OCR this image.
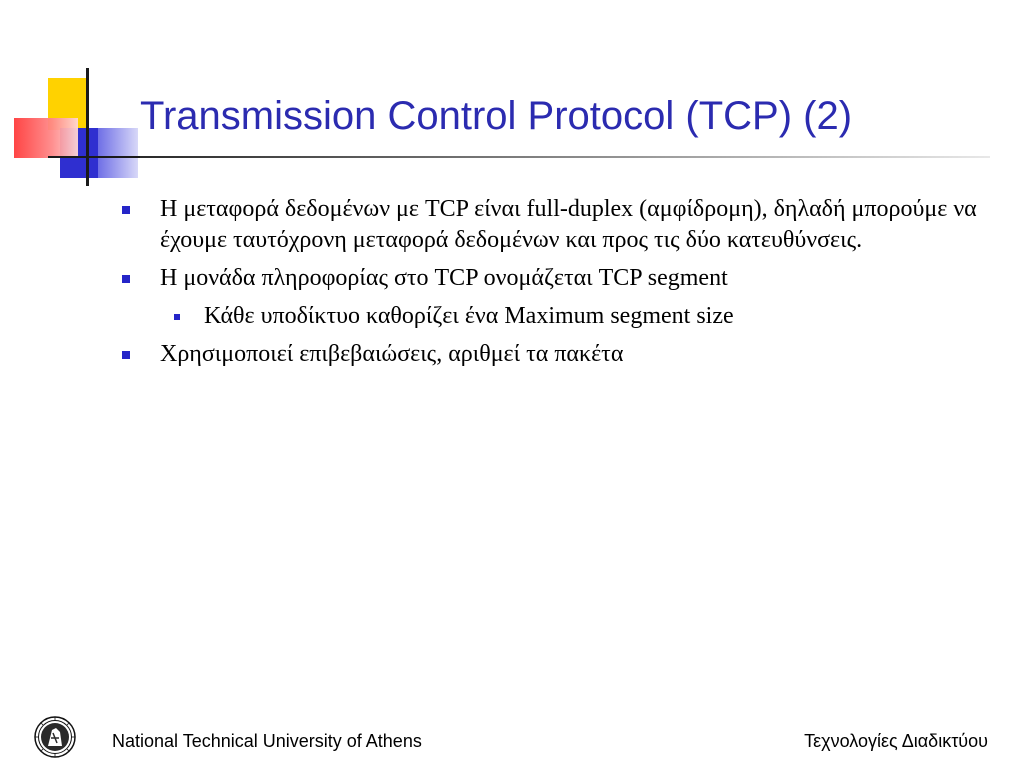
Transmission Control Protocol (TCP) (2)
Η μεταφορά δεδομένων με TCP είναι full-duplex (αμφίδρομη), δηλαδή μπορούμε να έχουμε ταυτόχρονη μεταφορά δεδομένων και προς τις δύο κατευθύνσεις.
Η μονάδα πληροφορίας στο TCP ονομάζεται TCP segment
Κάθε υποδίκτυο καθορίζει ένα Maximum segment size
Χρησιμοποιεί επιβεβαιώσεις, αριθμεί τα πακέτα
National Technical University of Athens	Τεχνολογίες Διαδικτύου
